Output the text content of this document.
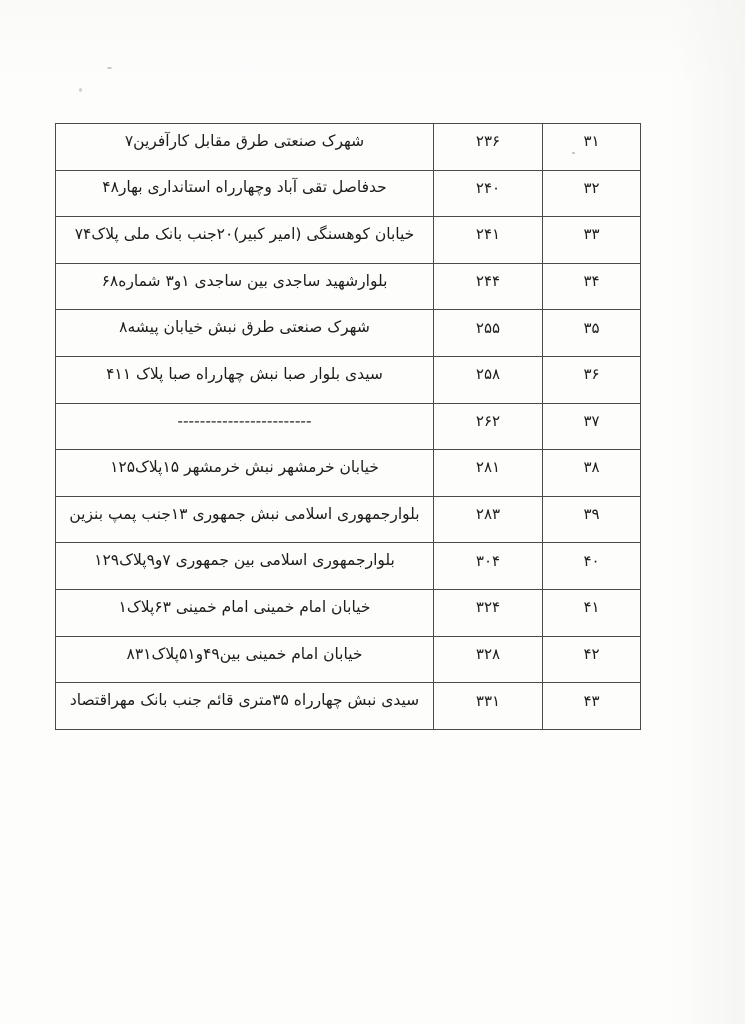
۳۱	۲۳۶	شهرک صنعتی طرق مقابل کارآفرین۷
۳۲	۲۴۰	حدفاصل تقی آباد وچهارراه استانداری بهار۴۸
۳۳	۲۴۱	خیابان کوهسنگی (امیر کبیر)۲۰جنب بانک ملی پلاک۷۴
۳۴	۲۴۴	بلوارشهید ساجدی بین ساجدی ۱و۳ شماره۶۸
۳۵	۲۵۵	شهرک صنعتی طرق نبش خیابان پیشه۸
۳۶	۲۵۸	سیدی بلوار صبا نبش چهارراه صبا پلاک ۴۱۱
۳۷	۲۶۲	------------------------
۳۸	۲۸۱	خیابان خرمشهر نبش خرمشهر ۱۵پلاک۱۲۵
۳۹	۲۸۳	بلوارجمهوری اسلامی نبش جمهوری ۱۳جنب پمپ بنزین
۴۰	۳۰۴	بلوارجمهوری اسلامی بین جمهوری ۷و۹پلاک۱۲۹
۴۱	۳۲۴	خیابان امام خمینی امام خمینی ۶۳پلاک۱
۴۲	۳۲۸	خیابان امام خمینی بین۴۹و۵۱پلاک۸۳۱
۴۳	۳۳۱	سیدی نبش چهارراه ۳۵متری قائم جنب بانک مهراقتصاد
